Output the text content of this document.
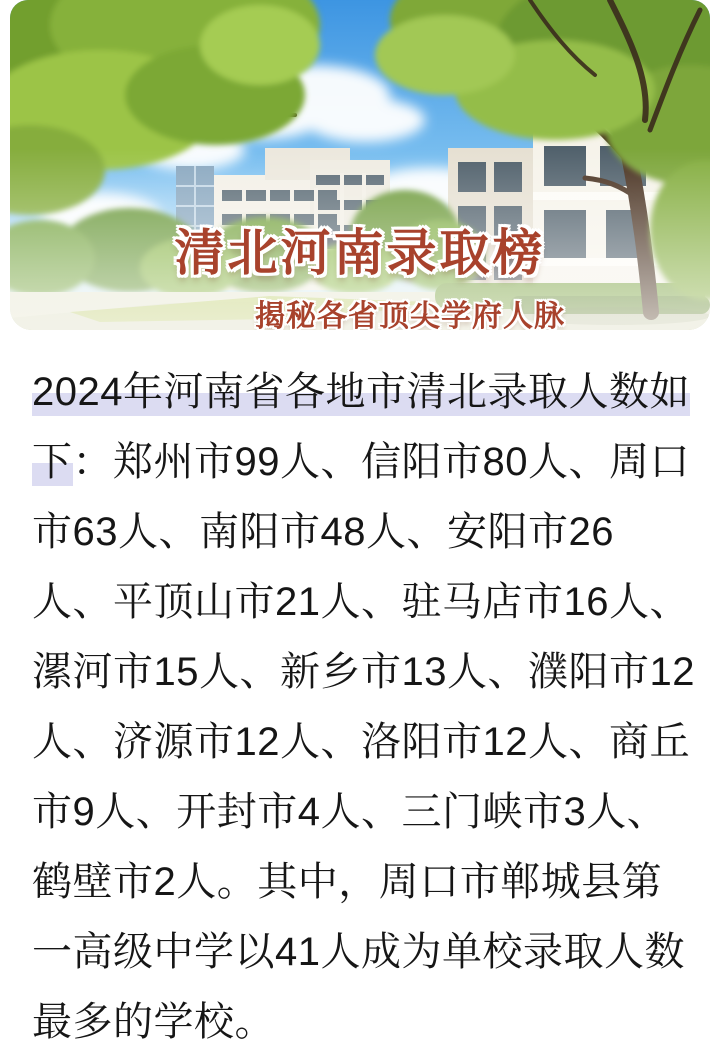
清北河南录取榜
揭秘各省顶尖学府人脉
2024年河南省各地市清北录取人数如
下：郑州市99人、信阳市80人、周口
市63人、南阳市48人、安阳市26
人、平顶山市21人、驻马店市16人、
漯河市15人、新乡市13人、濮阳市12
人、济源市12人、洛阳市12人、商丘
市9人、开封市4人、三门峡市3人、
鹤壁市2人。其中，周口市郸城县第
一高级中学以41人成为单校录取人数
最多的学校。
